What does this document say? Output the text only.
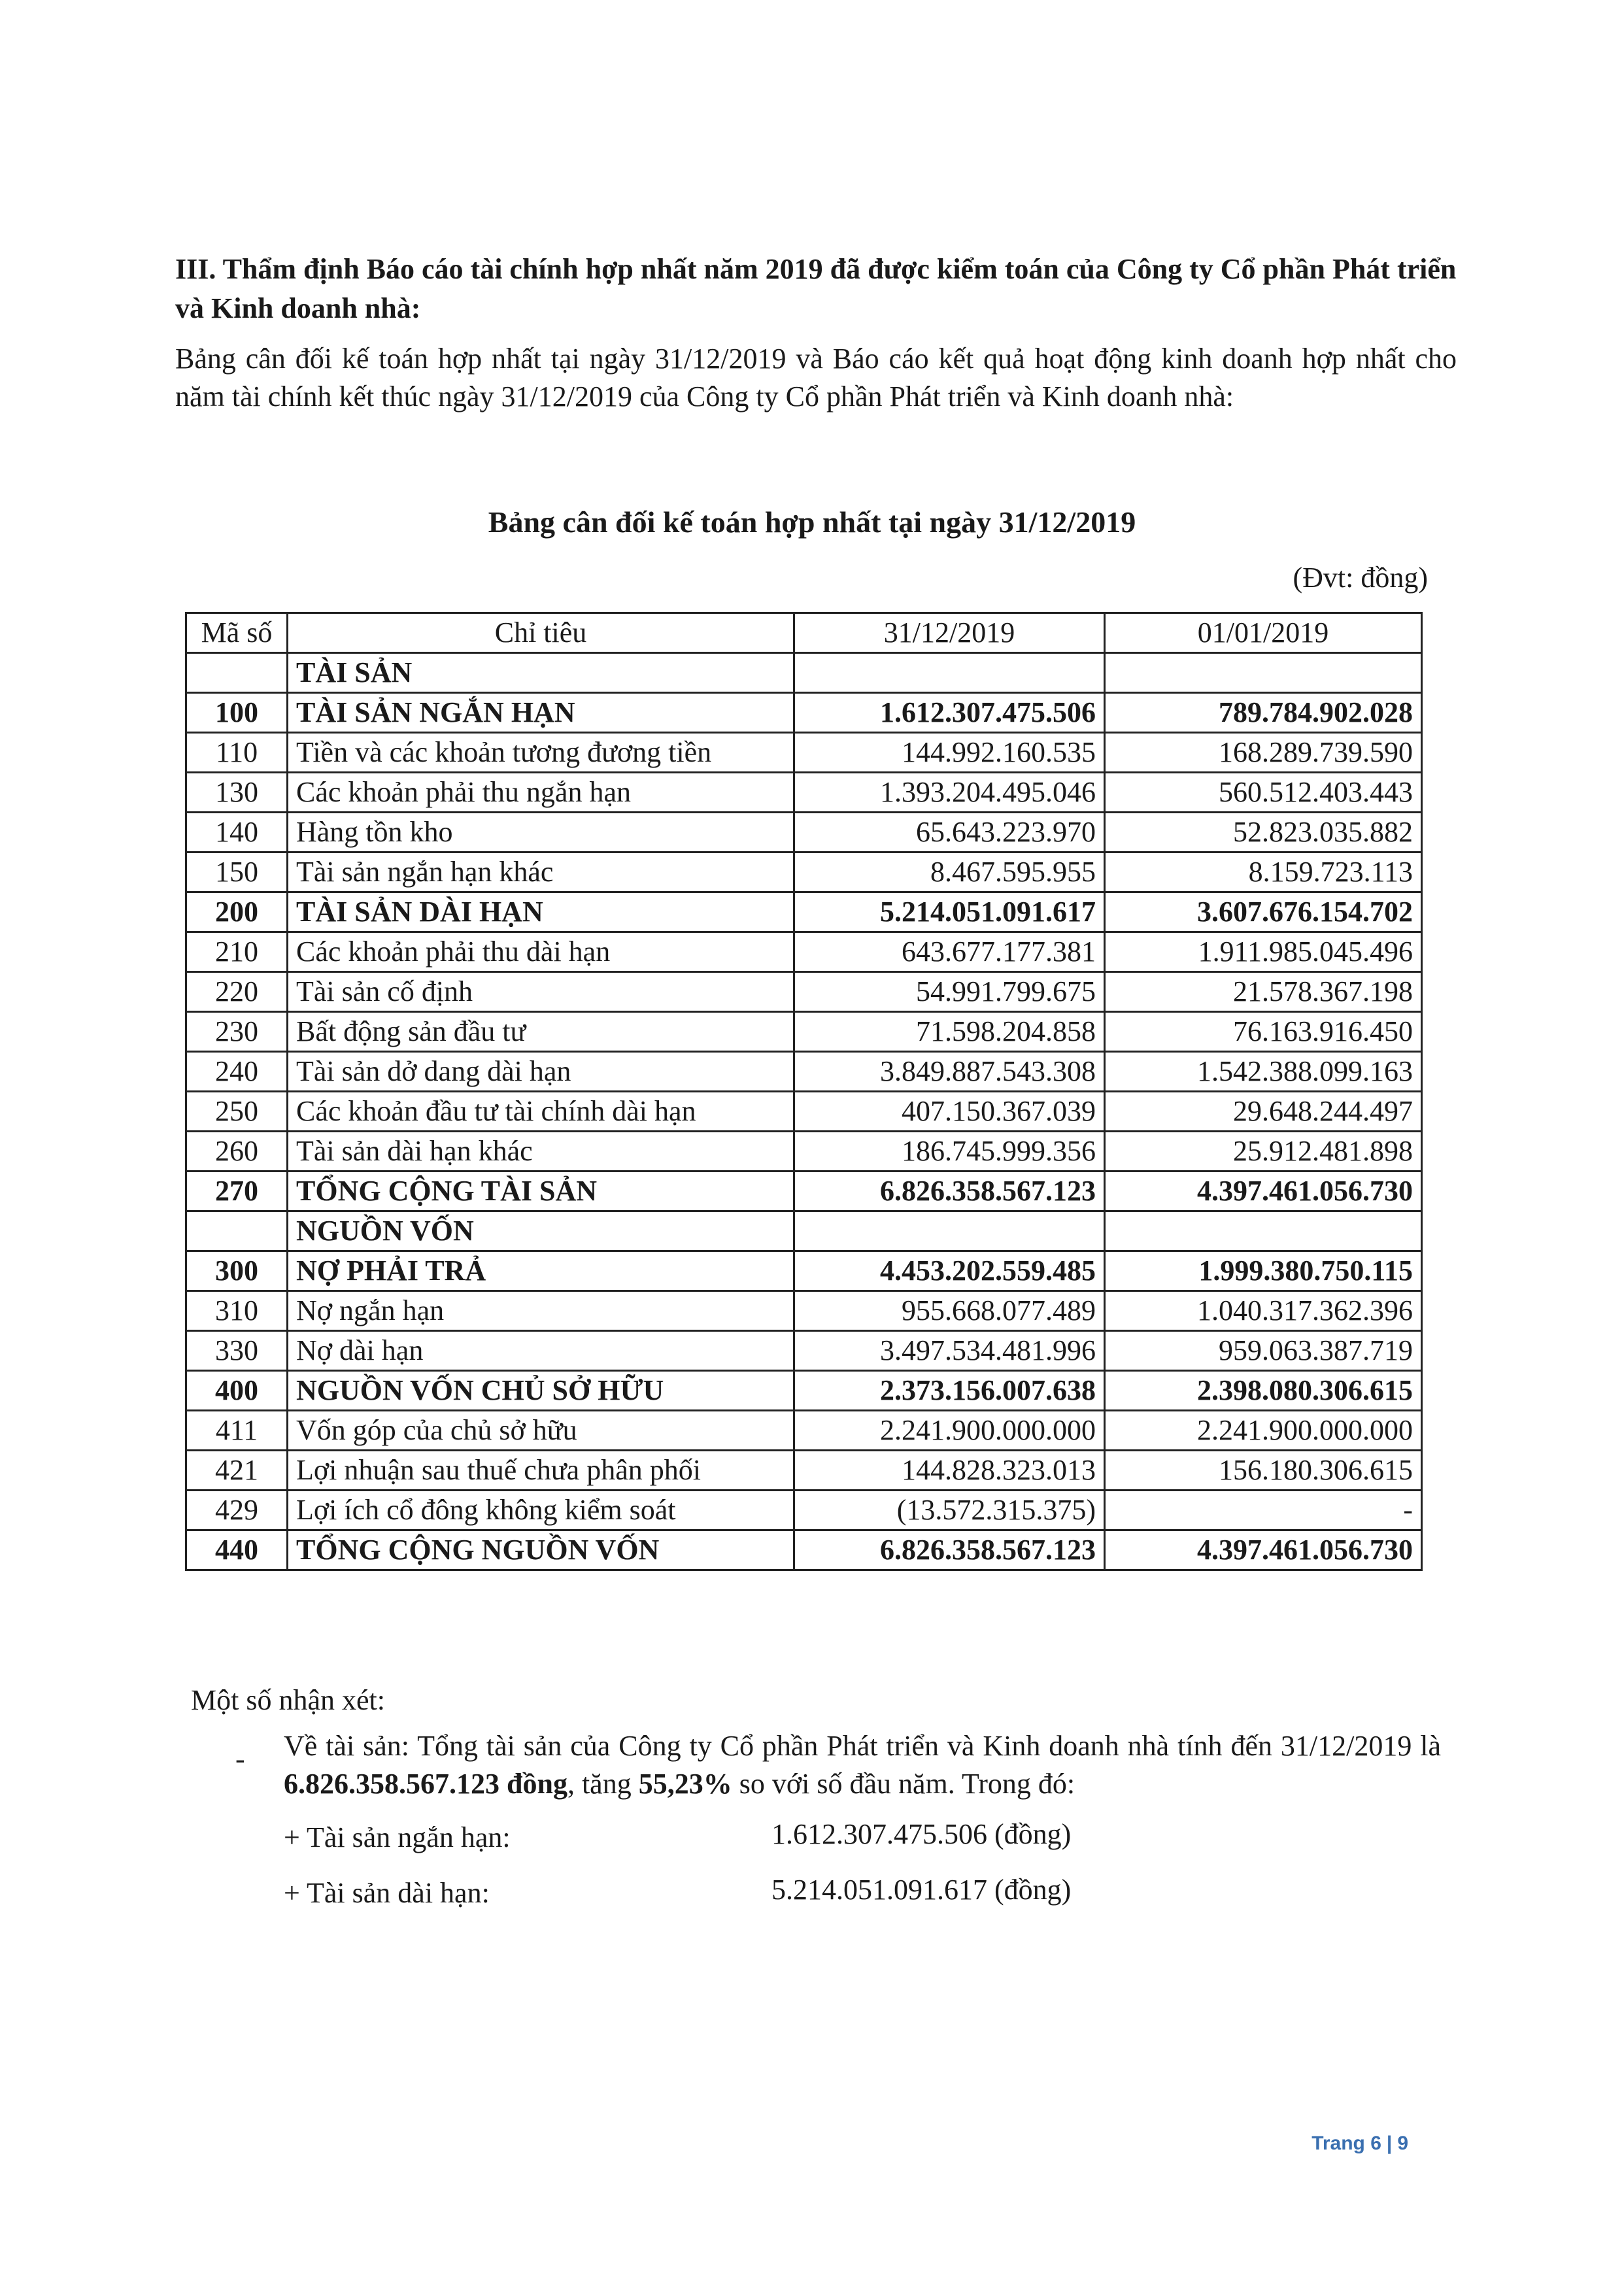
III. Thẩm định Báo cáo tài chính hợp nhất năm 2019 đã được kiểm toán của Công ty Cổ phần Phát triển và Kinh doanh nhà:
Bảng cân đối kế toán hợp nhất tại ngày 31/12/2019 và Báo cáo kết quả hoạt động kinh doanh hợp nhất cho năm tài chính kết thúc ngày 31/12/2019 của Công ty Cổ phần Phát triển và Kinh doanh nhà:
Bảng cân đối kế toán hợp nhất tại ngày 31/12/2019
(Đvt: đồng)
Mã số	Chỉ tiêu	31/12/2019	01/01/2019
	TÀI SẢN		
100	TÀI SẢN NGẮN HẠN	1.612.307.475.506	789.784.902.028
110	Tiền và các khoản tương đương tiền	144.992.160.535	168.289.739.590
130	Các khoản phải thu ngắn hạn	1.393.204.495.046	560.512.403.443
140	Hàng tồn kho	65.643.223.970	52.823.035.882
150	Tài sản ngắn hạn khác	8.467.595.955	8.159.723.113
200	TÀI SẢN DÀI HẠN	5.214.051.091.617	3.607.676.154.702
210	Các khoản phải thu dài hạn	643.677.177.381	1.911.985.045.496
220	Tài sản cố định	54.991.799.675	21.578.367.198
230	Bất động sản đầu tư	71.598.204.858	76.163.916.450
240	Tài sản dở dang dài hạn	3.849.887.543.308	1.542.388.099.163
250	Các khoản đầu tư tài chính dài hạn	407.150.367.039	29.648.244.497
260	Tài sản dài hạn khác	186.745.999.356	25.912.481.898
270	TỔNG CỘNG TÀI SẢN	6.826.358.567.123	4.397.461.056.730
	NGUỒN VỐN		
300	NỢ PHẢI TRẢ	4.453.202.559.485	1.999.380.750.115
310	Nợ ngắn hạn	955.668.077.489	1.040.317.362.396
330	Nợ dài hạn	3.497.534.481.996	959.063.387.719
400	NGUỒN VỐN CHỦ SỞ HỮU	2.373.156.007.638	2.398.080.306.615
411	Vốn góp của chủ sở hữu	2.241.900.000.000	2.241.900.000.000
421	Lợi nhuận sau thuế chưa phân phối	144.828.323.013	156.180.306.615
429	Lợi ích cổ đông không kiểm soát	(13.572.315.375)	-
440	TỔNG CỘNG NGUỒN VỐN	6.826.358.567.123	4.397.461.056.730
Một số nhận xét:
- Về tài sản: Tổng tài sản của Công ty Cổ phần Phát triển và Kinh doanh nhà tính đến 31/12/2019 là 6.826.358.567.123 đồng, tăng 55,23% so với số đầu năm. Trong đó:
+ Tài sản ngắn hạn:	1.612.307.475.506 (đồng)
+ Tài sản dài hạn:	5.214.051.091.617 (đồng)
Trang 6 | 9
